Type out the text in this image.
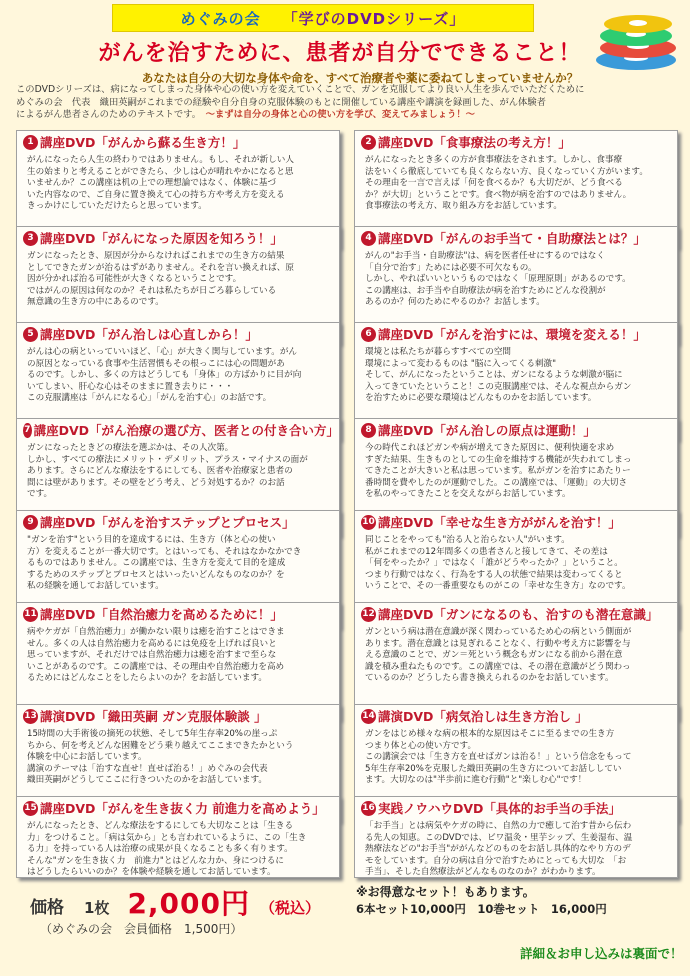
めぐみの会 「学びのDVDシリーズ」
がんを治すために、患者が自分でできること！
あなたは自分の大切な身体や命を、すべて治療者や薬に委ねてしまっていませんか？
このDVDシリーズは、病になってしまった身体や心の使い方を変えていくことで、ガンを克服してより良い人生を歩んでいただくために
めぐみの会　代表　織田英嗣がこれまでの経験や自分自身の克服体験のもとに開催している講座や講演を録画した、がん体験者
によるがん患者さんのためのテキストです。　 ～まずは自分の身体と心の使い方を学び、変えてみましょう！～
1 講座DVD「がんから蘇る生き方！」
がんになったら人生の終わりではありません。もし、それが新しい人
生の始まりと考えることができたら、少しは心が晴れやかになると思
いませんか？この講座は机の上での理想論ではなく、体験に基づ
いた内容なので、ご自身に置き換えて心の持ち方や考え方を変える
きっかけにしていただけたらと思っています。
2 講座DVD「食事療法の考え方！」
がんになったとき多くの方が食事療法をされます。しかし、食事療
法をいくら徹底していても良くならない方、良くなっていく方がいます。
その理由を一言で言えば「何を食べるか？も大切だが、どう食べる
か？が大切」ということです。食べ物が病を治すのではありません。
食事療法の考え方、取り組み方をお話しています。
3 講座DVD「がんになった原因を知ろう！」
ガンになったとき、原因が分からなければこれまでの生き方の結果
としてできたガンが治るはずがありません。それを言い換えれば、原
因が分かれば治る可能性が大きくなるということです。
ではがんの原因は何なのか？それは私たちが日ごろ暮らしている
無意識の生き方の中にあるのです。
4 講座DVD「がんのお手当て・自助療法とは？」
がんの"お手当・自助療法"は、病を医者任せにするのではなく
「自分で治す」ためには必要不可欠なもの。
しかし、やればいいというものではなく「原理原則」があるのです。
この講座は、お手当や自助療法が病を治すためにどんな役割が
あるのか？何のためにやるのか？お話します。
5 講座DVD「がん治しは心直しから！」
がんは心の病といっていいほど、「心」が大きく関与しています。がん
の原因となっている食事や生活習慣もその根っこには心の問題があ
るのです。しかし、多くの方はどうしても「身体」の方ばかりに目が向
いてしまい、肝心な心はそのままに置き去りに・・・
この克服講座は「がんになる心」「がんを治す心」のお話です。
6 講座DVD「がんを治すには、環境を変える！」
環境とは私たちが暮らすすべての空間
環境によって変わるものは "脳に入ってくる刺激"
そして、がんになったということは、ガンになるような刺激が脳に
入ってきていたということ！この克服講座では、そんな視点からガン
を治すために必要な環境はどんなものかをお話しています。
7 講座DVD「がん治療の選び方、医者との付き合い方」
ガンになったときどの療法を選ぶかは、その人次第。
しかし、すべての療法にメリット・デメリット、プラス・マイナスの面が
あります。さらにどんな療法をするにしても、医者や治療家と患者の
間には壁があります。その壁をどう考え、どう対処するか？のお話
です。
8 講座DVD「がん治しの原点は運動！」
今の時代これほどガンや病が増えてきた原因に、便利快適を求め
すぎた結果、生きものとしての生命を維持する機能が失われてしまっ
てきたことが大きいと私は思っています。私がガンを治すにあたりー
番時間を費やしたのが運動でした。この講座では、「運動」の大切さ
を私のやってきたことを交えながらお話しています。
9 講座DVD「がんを治すステップとプロセス」
"ガンを治す"という目的を達成するには、生き方（体と心の使い
方）を変えることが一番大切です。とはいっても、それはなかなかでき
るものではありません。この講座では、生き方を変えて目的を達成
するためのステップとプロセスとはいったいどんなものなのか？を
私の経験を通してお話しています。
10 講座DVD「幸せな生き方ががんを治す！」
同じことをやっても"治る人と治らない人"がいます。
私がこれまでの12年間多くの患者さんと接してきて、その差は
「何をやったか？」ではなく「誰がどうやったか？」ということ。
つまり行動ではなく、行為をする人の状態で結果は変わってくると
いうことで、その一番重要なものがこの「幸せな生き方」なのです。
11 講座DVD「自然治癒力を高めるために！」
病やケガが「自然治癒力」が働かない限りは癒を治すことはできま
せん。多くの人は自然治癒力を高めるには免疫を上げれば良いと
思っていますが、それだけでは自然治癒力は癒を治すまで至らな
いことがあるのです。この講座では、その理由や自然治癒力を高め
るためにはどんなことをしたらよいのか？をお話しています。
12 講座DVD「ガンになるのも、治すのも潜在意識」
ガンという病は潜在意識が深く関わっているため心の病という側面が
あります。潜在意識とは見ぎれることなく、行動や考え方に影響を与
える意識のことで、ガン＝死という概念もガンになる前から潜在意
識を積み重ねたものです。この講座では、その潜在意識がどう関わっ
ているのか？どうしたら書き換えられるのかをお話しています。
13 講演DVD「織田英嗣 ガン克服体験談 」
15時間の大手術後の摘死の状態、そして5年生存率20%の崖っぷ
ちから、何を考えどんな困難をどう乗り越えてここまできたかという
体験を中心にお話しています。
講演のテーマは「治すな直せ！直せば治る！」めぐみの会代表
織田英嗣がどうしてここに行きついたのかをお話しています。
14 講演DVD「病気治しは生き方治し 」
ガンをはじめ様々な病の根本的な原因はそこに至るまでの生き方
つまり体と心の使い方です。
この講演会では「生き方を直せばガンは治る！」という信念をもって
5年生存率20%を克服した織田英嗣の生き方についてお話ししてい
ます。大切なのは"半歩前に進む行動"と"楽しむ心"です！
15 講座DVD「がんを生き抜く力 前進力を高めよう」
がんになったとき、どんな療法をするにしても大切なことは「生きる
力」をつけること。「病は気から」とも言われているように、この「生き
る力」を持っている人は治療の成果が良くなることも多く有ります。
そんな"ガンを生き抜く力　前進力"とはどんな力か、身につけるに
はどうしたらいいのか？を体験や経験を通してお話しています。
16 実践ノウハウDVD「具体的お手当の手法」
「お手当」とは病気やケガの時に、自然の力で癒して治す昔から伝わ
る先人の知恵。このDVDでは、ビワ温灸・里芋シップ、生姜湿布、温
熱療法などの"お手当"ががんなどのものをお話し具体的なやり方のデ
モをしています。自分の病は自分で治すためにとっても大切な　「お
手当」、そした自然療法がどんなものなのか？がわかります。
価格 1枚 2,000円 （税込）
（めぐみの会　会員価格　1,500円）
※お得意なセット！もあります。
6本セット10,000円　10巻セット　16,000円
詳細＆お申し込みは裏面で！
